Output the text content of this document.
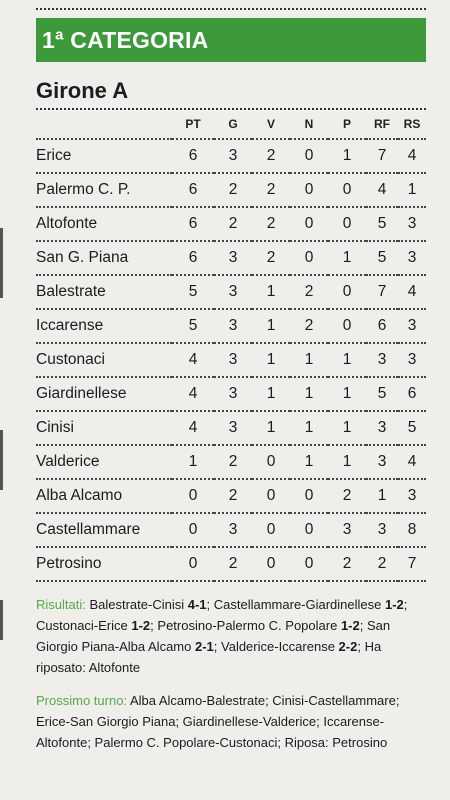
1ª CATEGORIA
Girone A
	PT	G	V	N	P	RF	RS
Erice	6	3	2	0	1	7	4
Palermo C. P.	6	2	2	0	0	4	1
Altofonte	6	2	2	0	0	5	3
San G. Piana	6	3	2	0	1	5	3
Balestrate	5	3	1	2	0	7	4
Iccarense	5	3	1	2	0	6	3
Custonaci	4	3	1	1	1	3	3
Giardinellese	4	3	1	1	1	5	6
Cinisi	4	3	1	1	1	3	5
Valderice	1	2	0	1	1	3	4
Alba Alcamo	0	2	0	0	2	1	3
Castellammare	0	3	0	0	3	3	8
Petrosino	0	2	0	0	2	2	7

Risultati: Balestrate-Cinisi 4-1; Castellammare-Giardinellese 1-2; Custonaci-Erice 1-2; Petrosino-Palermo C. Popolare 1-2; San Giorgio Piana-Alba Alcamo 2-1; Valderice-Iccarense 2-2; Ha riposato: Altofonte

Prossimo turno: Alba Alcamo-Balestrate; Cinisi-Castellammare; Erice-San Giorgio Piana; Giardinellese-Valderice; Iccarense-Altofonte; Palermo C. Popolare-Custonaci; Riposa: Petrosino
